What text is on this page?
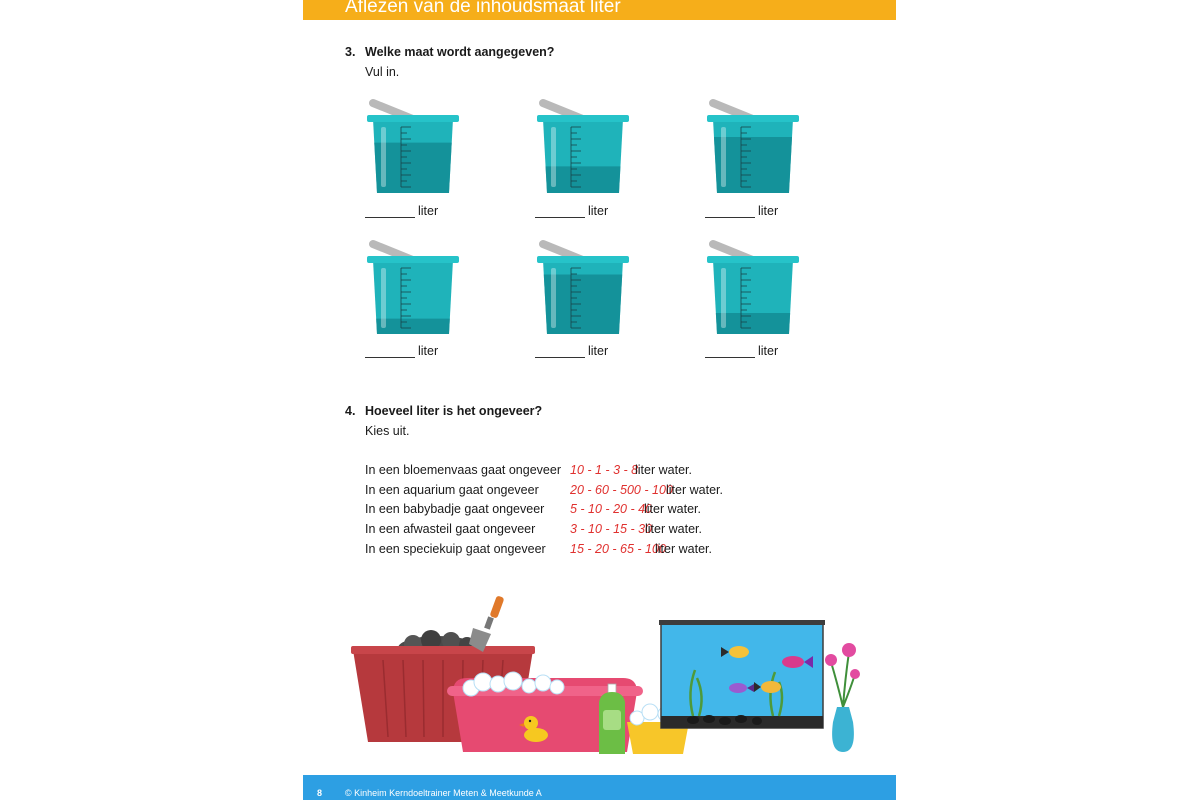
Aflezen van de inhoudsmaat liter
3. Welke maat wordt aangegeven?
Vul in.
liter	liter	liter
liter	liter	liter
4. Hoeveel liter is het ongeveer?
Kies uit.
In een bloemenvaas gaat ongeveer 10 - 1 - 3 - 8
liter water.
In een aquarium gaat ongeveer	20 - 60 - 500 - 100
liter water.
In een babybadje gaat ongeveer 5 - 10 - 20 - 40
liter water.
In een afwasteil gaat ongeveer	3 - 10 - 15 - 30
liter water.
In een speciekuip gaat ongeveer 15 - 20 - 65 - 100
liter water.
8	© Kinheim Kerndoeltrainer Meten & Meetkunde A
